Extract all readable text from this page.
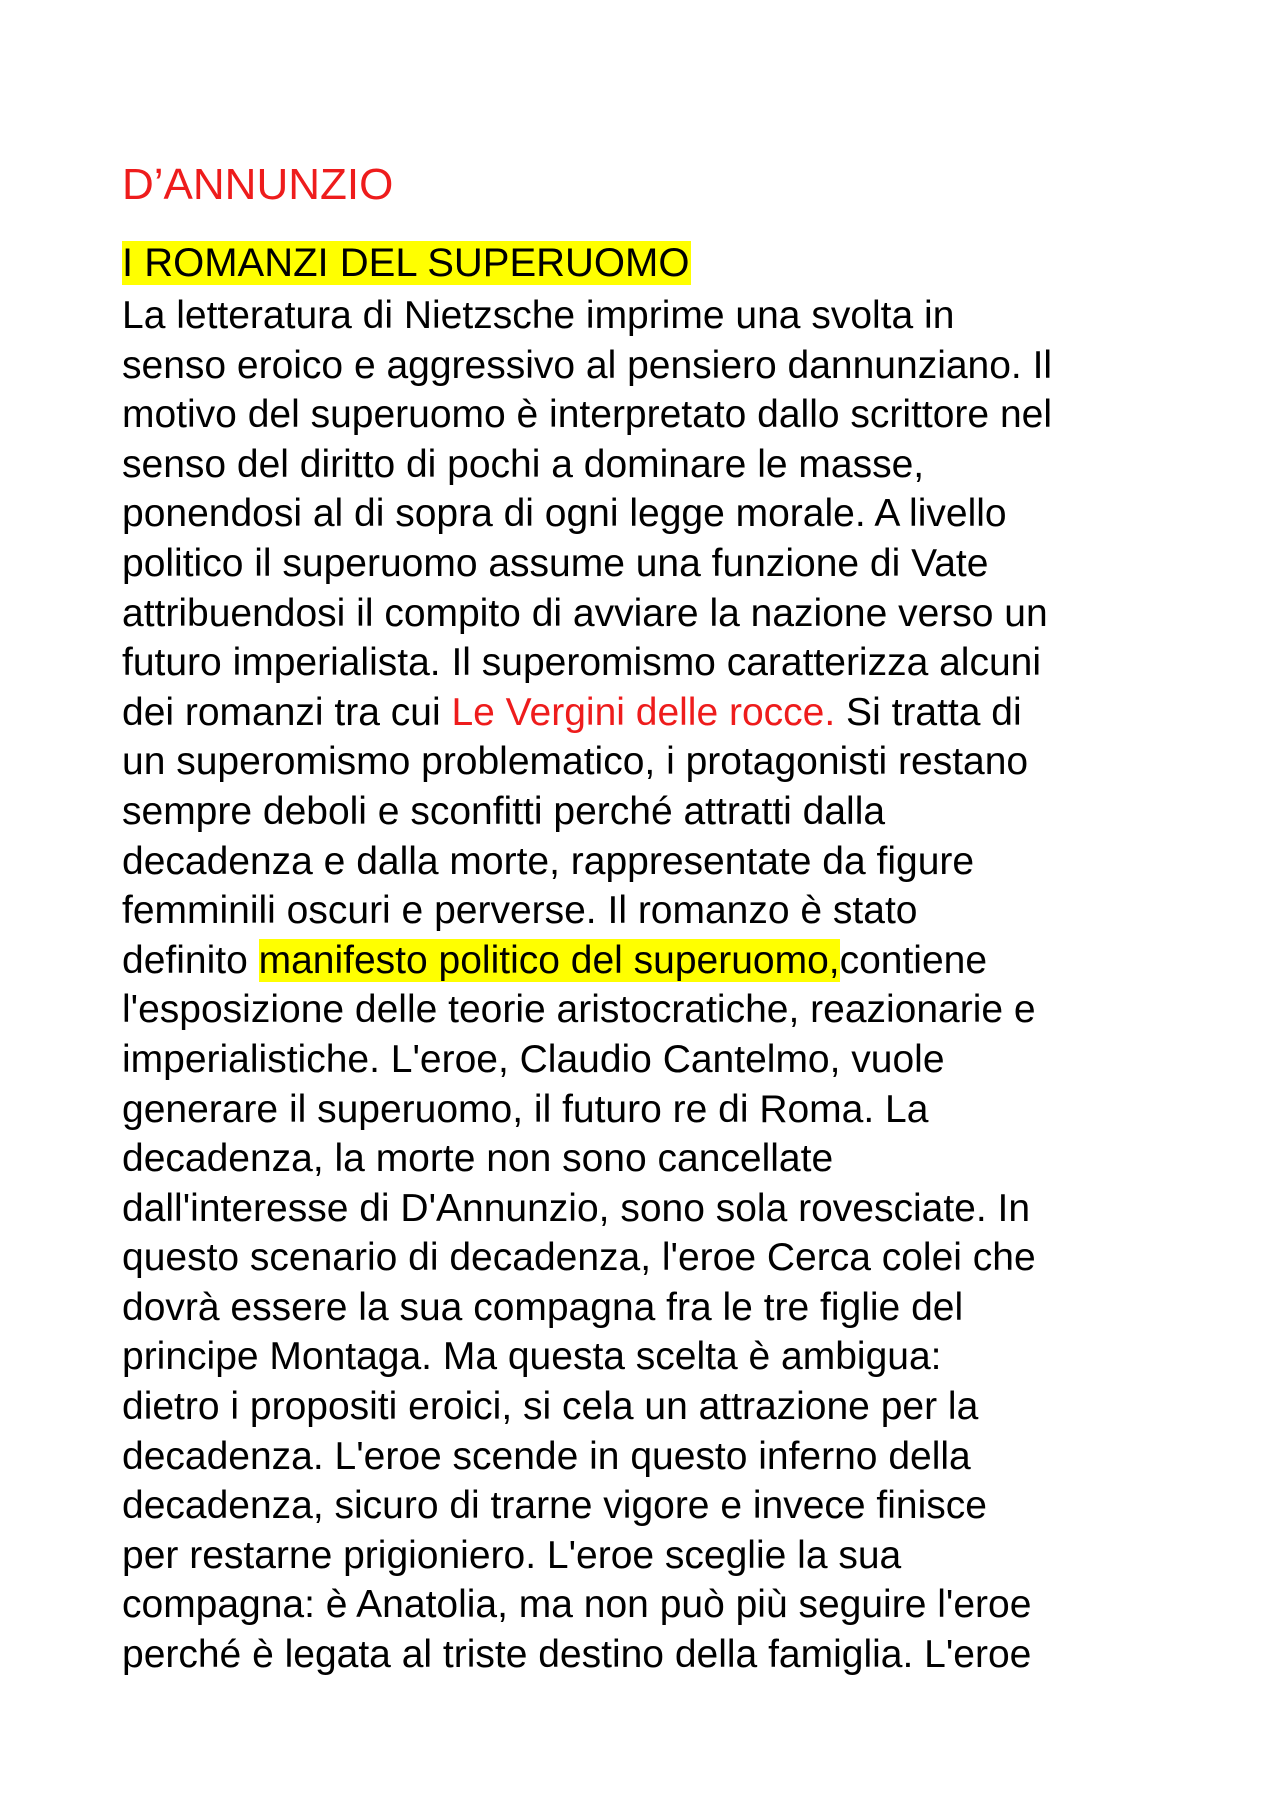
D’ANNUNZIO
I ROMANZI DEL SUPERUOMO
La letteratura di Nietzsche imprime una svolta in
senso eroico e aggressivo al pensiero dannunziano. Il
motivo del superuomo è interpretato dallo scrittore nel
senso del diritto di pochi a dominare le masse,
ponendosi al di sopra di ogni legge morale. A livello
politico il superuomo assume una funzione di Vate
attribuendosi il compito di avviare la nazione verso un
futuro imperialista. Il superomismo caratterizza alcuni
dei romanzi tra cui Le Vergini delle rocce. Si tratta di
un superomismo problematico, i protagonisti restano
sempre deboli e sconfitti perché attratti dalla
decadenza e dalla morte, rappresentate da figure
femminili oscuri e perverse. Il romanzo è stato
definito manifesto politico del superuomo,contiene
l'esposizione delle teorie aristocratiche, reazionarie e
imperialistiche. L'eroe, Claudio Cantelmo, vuole
generare il superuomo, il futuro re di Roma. La
decadenza, la morte non sono cancellate
dall'interesse di D'Annunzio, sono sola rovesciate. In
questo scenario di decadenza, l'eroe Cerca colei che
dovrà essere la sua compagna fra le tre figlie del
principe Montaga. Ma questa scelta è ambigua:
dietro i propositi eroici, si cela un attrazione per la
decadenza. L'eroe scende in questo inferno della
decadenza, sicuro di trarne vigore e invece finisce
per restarne prigioniero. L'eroe sceglie la sua
compagna: è Anatolia, ma non può più seguire l'eroe
perché è legata al triste destino della famiglia. L'eroe
